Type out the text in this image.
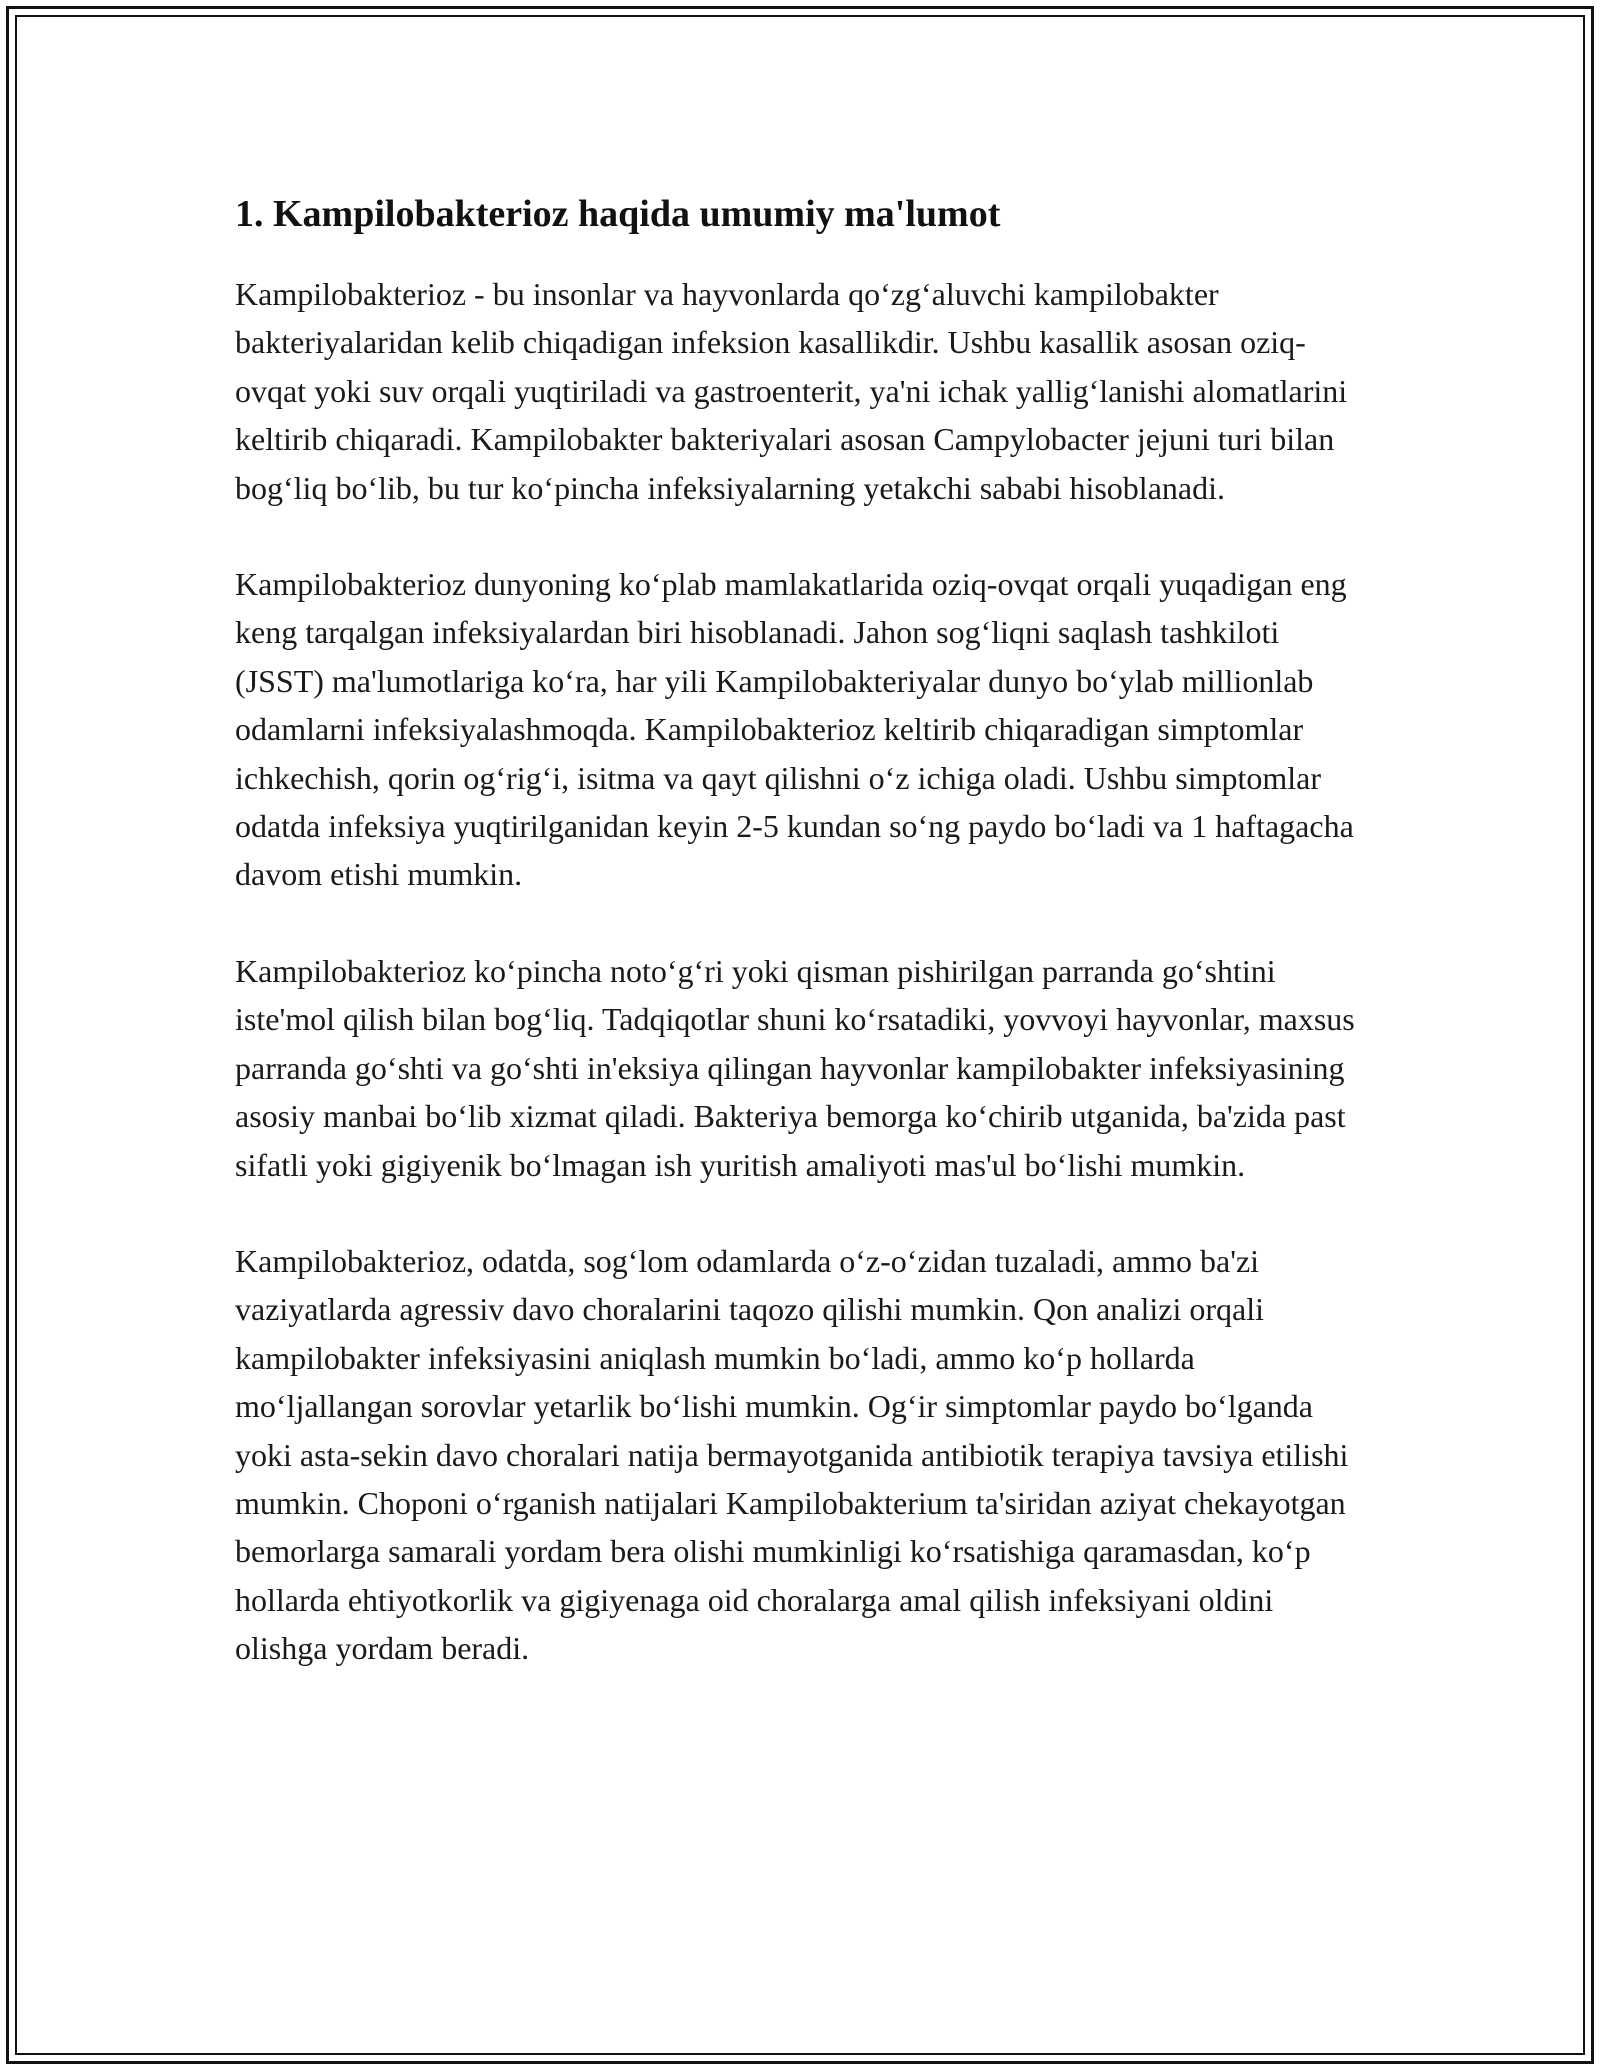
1. Kampilobakterioz haqida umumiy ma'lumot

Kampilobakterioz - bu insonlar va hayvonlarda qo‘zg‘aluvchi kampilobakter bakteriyalaridan kelib chiqadigan infeksion kasallikdir. Ushbu kasallik asosan oziq-ovqat yoki suv orqali yuqtiriladi va gastroenterit, ya'ni ichak yallig‘lanishi alomatlarini keltirib chiqaradi. Kampilobakter bakteriyalari asosan Campylobacter jejuni turi bilan bog‘liq bo‘lib, bu tur ko‘pincha infeksiyalarning yetakchi sababi hisoblanadi.

Kampilobakterioz dunyoning ko‘plab mamlakatlarida oziq-ovqat orqali yuqadigan eng keng tarqalgan infeksiyalardan biri hisoblanadi. Jahon sog‘liqni saqlash tashkiloti (JSST) ma'lumotlariga ko‘ra, har yili Kampilobakteriyalar dunyo bo‘ylab millionlab odamlarni infeksiyalashmoqda. Kampilobakterioz keltirib chiqaradigan simptomlar ichkechish, qorin og‘rig‘i, isitma va qayt qilishni o‘z ichiga oladi. Ushbu simptomlar odatda infeksiya yuqtirilganidan keyin 2-5 kundan so‘ng paydo bo‘ladi va 1 haftagacha davom etishi mumkin.

Kampilobakterioz ko‘pincha noto‘g‘ri yoki qisman pishirilgan parranda go‘shtini iste'mol qilish bilan bog‘liq. Tadqiqotlar shuni ko‘rsatadiki, yovvoyi hayvonlar, maxsus parranda go‘shti va go‘shti in'eksiya qilingan hayvonlar kampilobakter infeksiyasining asosiy manbai bo‘lib xizmat qiladi. Bakteriya bemorga ko‘chirib utganida, ba'zida past sifatli yoki gigiyenik bo‘lmagan ish yuritish amaliyoti mas'ul bo‘lishi mumkin.

Kampilobakterioz, odatda, sog‘lom odamlarda o‘z-o‘zidan tuzaladi, ammo ba'zi vaziyatlarda agressiv davo choralarini taqozo qilishi mumkin. Qon analizi orqali kampilobakter infeksiyasini aniqlash mumkin bo‘ladi, ammo ko‘p hollarda mo‘ljallangan sorovlar yetarlik bo‘lishi mumkin. Og‘ir simptomlar paydo bo‘lganda yoki asta-sekin davo choralari natija bermayotganida antibiotik terapiya tavsiya etilishi mumkin. Choponi o‘rganish natijalari Kampilobakterium ta'siridan aziyat chekayotgan bemorlarga samarali yordam bera olishi mumkinligi ko‘rsatishiga qaramasdan, ko‘p hollarda ehtiyotkorlik va gigiyenaga oid choralarga amal qilish infeksiyani oldini olishga yordam beradi.
